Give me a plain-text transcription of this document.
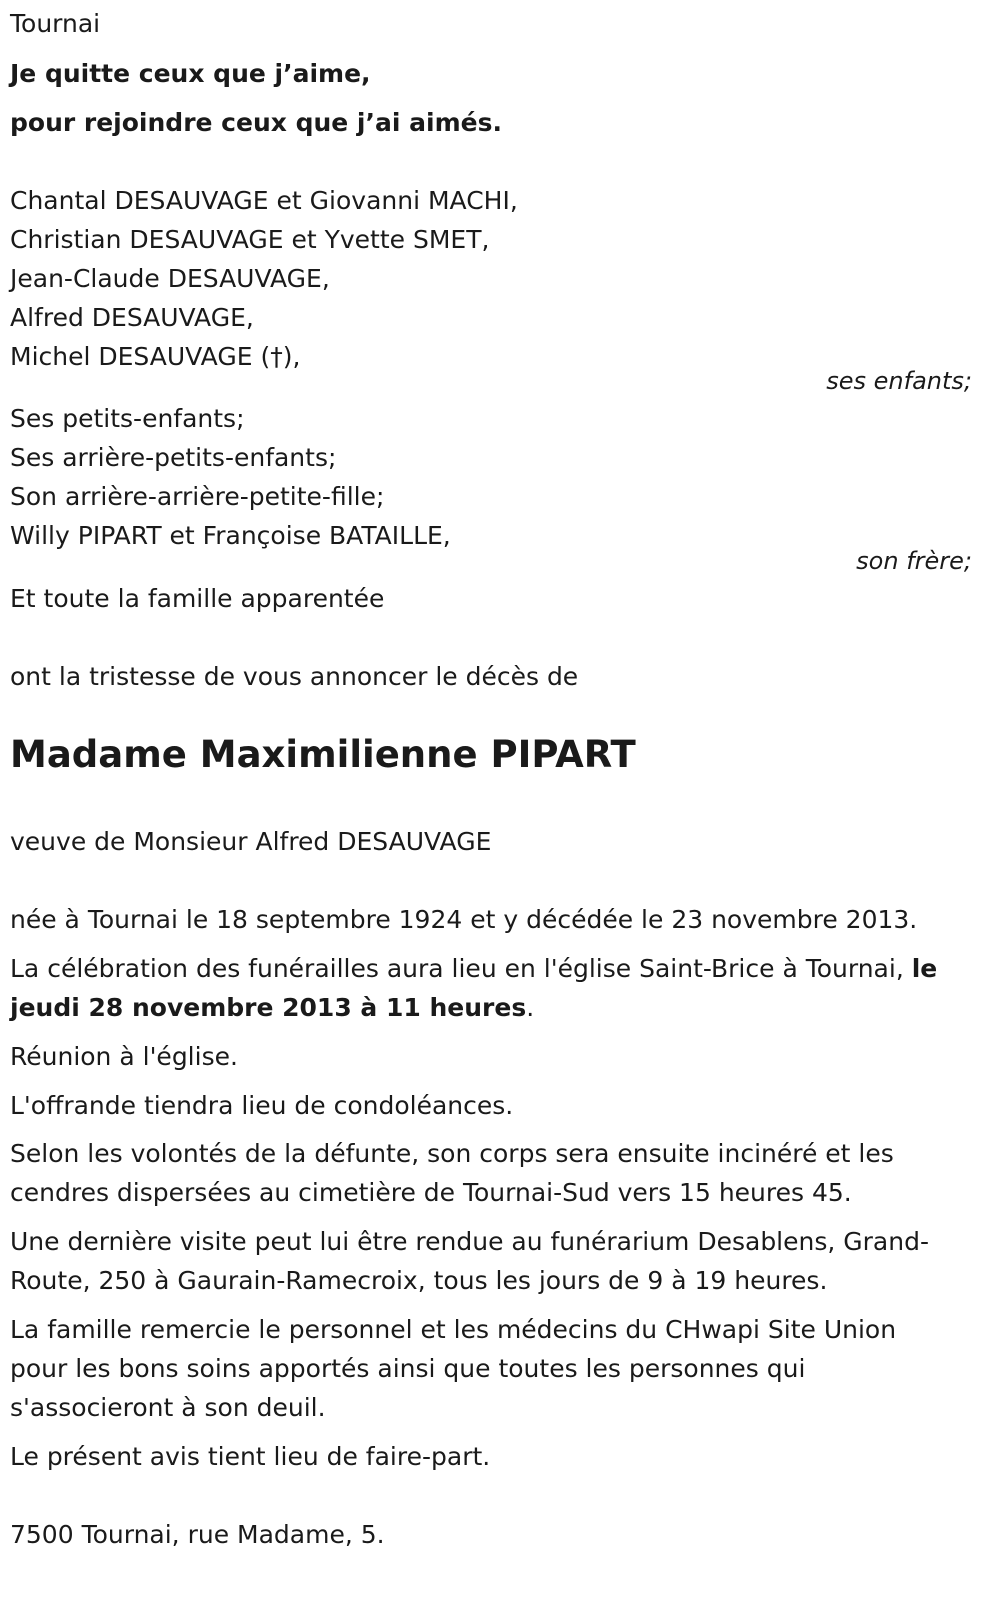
Tournai
Je quitte ceux que j’aime,
pour rejoindre ceux que j’ai aimés.
Chantal DESAUVAGE et Giovanni MACHI,
Christian DESAUVAGE et Yvette SMET,
Jean-Claude DESAUVAGE,
Alfred DESAUVAGE,
Michel DESAUVAGE (†),
ses enfants;
Ses petits-enfants;
Ses arrière-petits-enfants;
Son arrière-arrière-petite-fille;
Willy PIPART et Françoise BATAILLE,
son frère;
Et toute la famille apparentée
ont la tristesse de vous annoncer le décès de
Madame Maximilienne PIPART
veuve de Monsieur Alfred DESAUVAGE
née à Tournai le 18 septembre 1924 et y décédée le 23 novembre 2013.
La célébration des funérailles aura lieu en l'église Saint-Brice à Tournai, le
jeudi 28 novembre 2013 à 11 heures.
Réunion à l'église.
L'offrande tiendra lieu de condoléances.
Selon les volontés de la défunte, son corps sera ensuite incinéré et les
cendres dispersées au cimetière de Tournai-Sud vers 15 heures 45.
Une dernière visite peut lui être rendue au funérarium Desablens, Grand-
Route, 250 à Gaurain-Ramecroix, tous les jours de 9 à 19 heures.
La famille remercie le personnel et les médecins du CHwapi Site Union
pour les bons soins apportés ainsi que toutes les personnes qui
s'associeront à son deuil.
Le présent avis tient lieu de faire-part.
7500 Tournai, rue Madame, 5.
